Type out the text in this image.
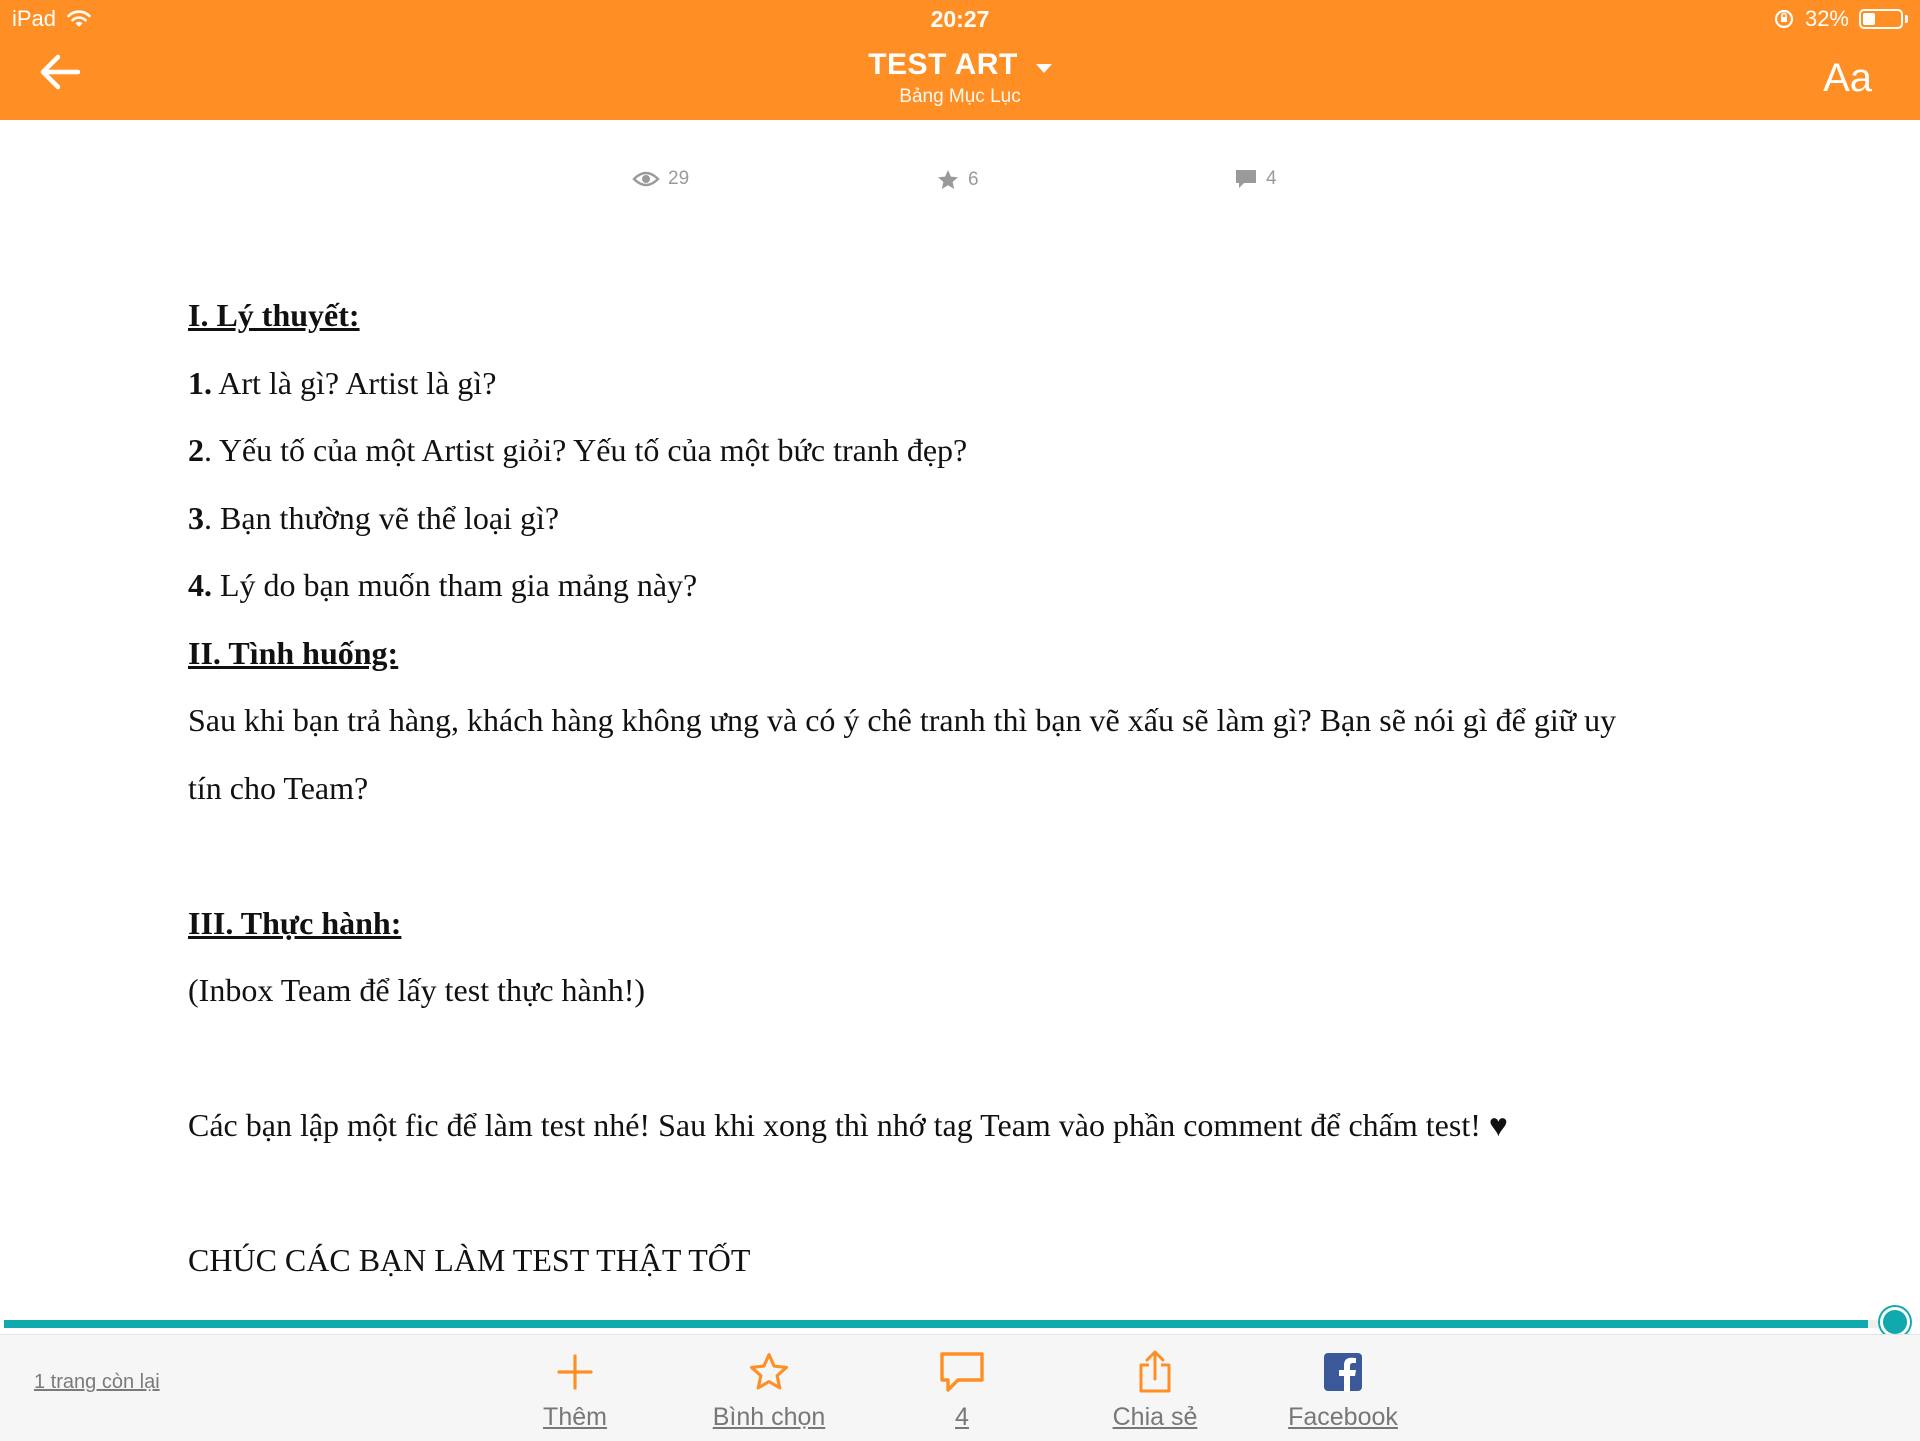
iPad	20:27	32%
TEST ART
Bảng Mục Lục	Aa
29	6	4

I. Lý thuyết:

1. Art là gì? Artist là gì?

2. Yếu tố của một Artist giỏi? Yếu tố của một bức tranh đẹp?

3. Bạn thường vẽ thể loại gì?

4. Lý do bạn muốn tham gia mảng này?

II. Tình huống:

Sau khi bạn trả hàng, khách hàng không ưng và có ý chê tranh thì bạn vẽ xấu sẽ làm gì? Bạn sẽ nói gì để giữ uy

tín cho Team?

III. Thực hành:

(Inbox Team để lấy test thực hành!)

Các bạn lập một fic để làm test nhé! Sau khi xong thì nhớ tag Team vào phần comment để chấm test! ♥

CHÚC CÁC BẠN LÀM TEST THẬT TỐT

1 trang còn lại
Thêm	Bình chọn	4	Chia sẻ	Facebook
